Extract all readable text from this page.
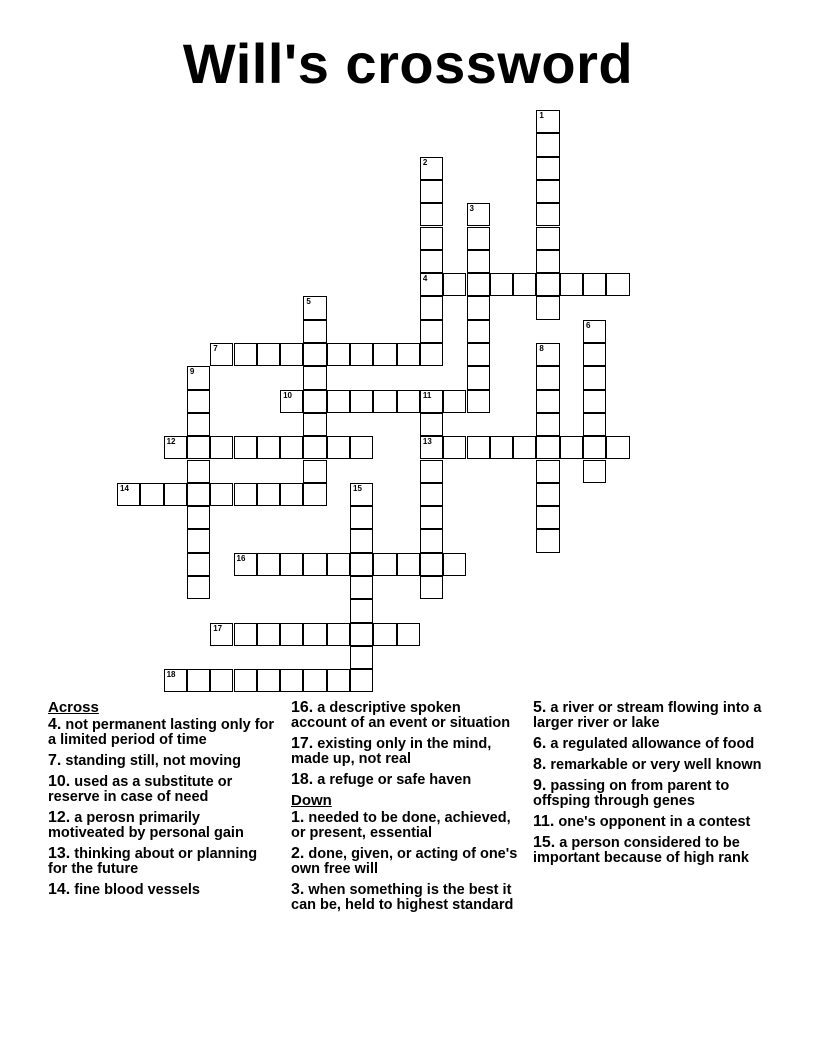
Will's crossword
1
2
4
3
5
6
7	8
9
10	11
13
12
14	15
16
17
18
Across
4. not permanent lasting only for a limited period of time
7. standing still, not moving
10. used as a substitute or reserve in case of need
12. a perosn primarily motiveated by personal gain
13. thinking about or planning for the future
14. fine blood vessels
16. a descriptive spoken account of an event or situation
17. existing only in the mind, made up, not real
18. a refuge or safe haven
Down
1. needed to be done, achieved, or present, essential
2. done, given, or acting of one's own free will
3. when something is the best it can be, held to highest standard
5. a river or stream flowing into a larger river or lake
6. a regulated allowance of food
8. remarkable or very well known
9. passing on from parent to offsping through genes
11. one's opponent in a contest
15. a person considered to be important because of high rank
